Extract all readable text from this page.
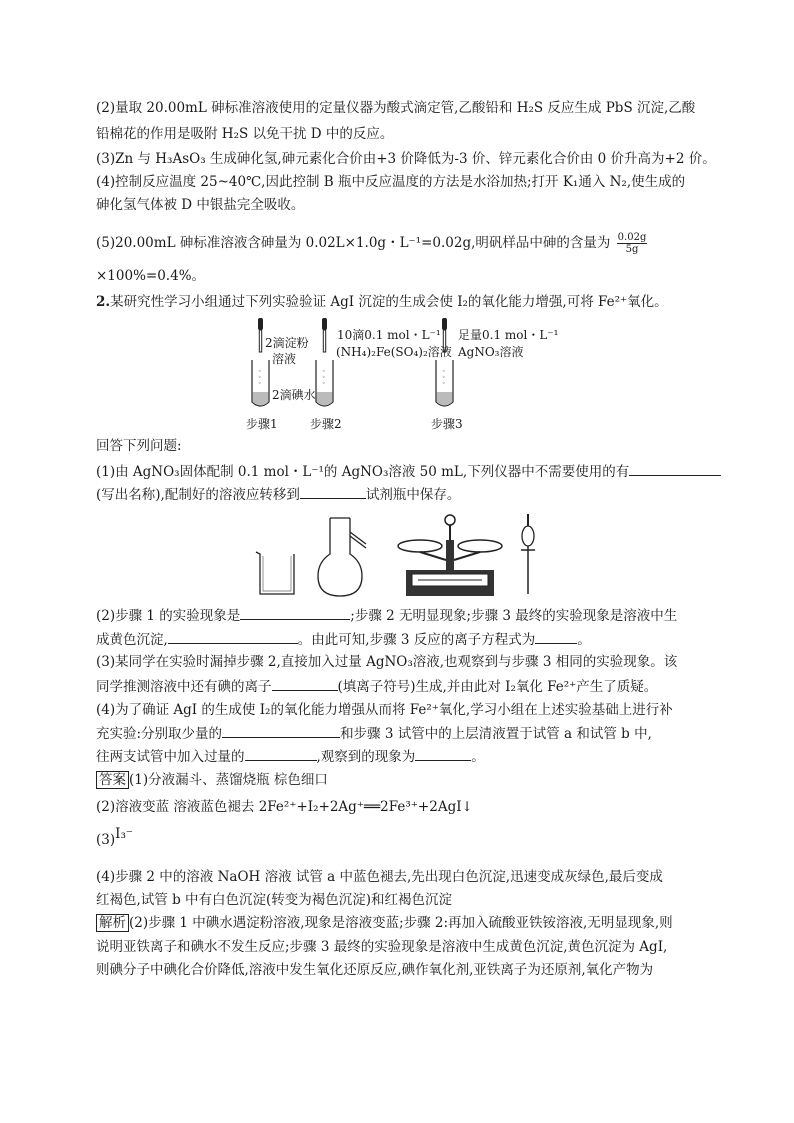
(2)量取 20.00mL 砷标准溶液使用的定量仪器为酸式滴定管,乙酸铅和 H₂S 反应生成 PbS 沉淀,乙酸
铅棉花的作用是吸附 H₂S 以免干扰 D 中的反应。
(3)Zn 与 H₃AsO₃ 生成砷化氢,砷元素化合价由+3 价降低为-3 价、锌元素化合价由 0 价升高为+2 价。
(4)控制反应温度 25~40℃,因此控制 B 瓶中反应温度的方法是水浴加热;打开 K₁通入 N₂,使生成的
砷化氢气体被 D 中银盐完全吸收。
(5)20.00mL 砷标准溶液含砷量为 0.02L×1.0g・L⁻¹=0.02g,明矾样品中砷的含量为 $\frac{0.02g}{5g}$
×100%=0.4%。
2.某研究性学习小组通过下列实验验证 AgI 沉淀的生成会使 I₂的氧化能力增强,可将 Fe²⁺氧化。
◦
◦
◦
◦
◦
◦
◦
◦
◦
2滴淀粉
溶液
2滴碘水
10滴0.1 mol・L⁻¹
(NH₄)₂Fe(SO₄)₂溶液
足量0.1 mol・L⁻¹
AgNO₃溶液
步骤1	步骤2	步骤3
回答下列问题:
(1)由 AgNO₃固体配制 0.1 mol・L⁻¹的 AgNO₃溶液 50 mL,下列仪器中不需要使用的有
(写出名称),配制好的溶液应转移到	试剂瓶中保存。
(2)步骤 1 的实验现象是	;步骤 2 无明显现象;步骤 3 最终的实验现象是溶液中生
成黄色沉淀,	。由此可知,步骤 3 反应的离子方程式为	。
(3)某同学在实验时漏掉步骤 2,直接加入过量 AgNO₃溶液,也观察到与步骤 3 相同的实验现象。该
同学推测溶液中还有碘的离子	(填离子符号)生成,并由此对 I₂氧化 Fe²⁺产生了质疑。
(4)为了确证 AgI 的生成使 I₂的氧化能力增强从而将 Fe²⁺氧化,学习小组在上述实验基础上进行补
充实验:分别取少量的	和步骤 3 试管中的上层清液置于试管 a 和试管 b 中,
往两支试管中加入过量的	,观察到的现象为	。
答案 (1)分液漏斗、蒸馏烧瓶 棕色细口
(2)溶液变蓝 溶液蓝色褪去 2Fe²⁺+I₂+2Ag⁺══2Fe³⁺+2AgI↓
(3)I₃⁻
(4)步骤 2 中的溶液 NaOH 溶液 试管 a 中蓝色褪去,先出现白色沉淀,迅速变成灰绿色,最后变成
红褐色,试管 b 中有白色沉淀(转变为褐色沉淀)和红褐色沉淀
解析 (2)步骤 1 中碘水遇淀粉溶液,现象是溶液变蓝;步骤 2:再加入硫酸亚铁铵溶液,无明显现象,则
说明亚铁离子和碘水不发生反应;步骤 3 最终的实验现象是溶液中生成黄色沉淀,黄色沉淀为 AgI,
则碘分子中碘化合价降低,溶液中发生氧化还原反应,碘作氧化剂,亚铁离子为还原剂,氧化产物为
